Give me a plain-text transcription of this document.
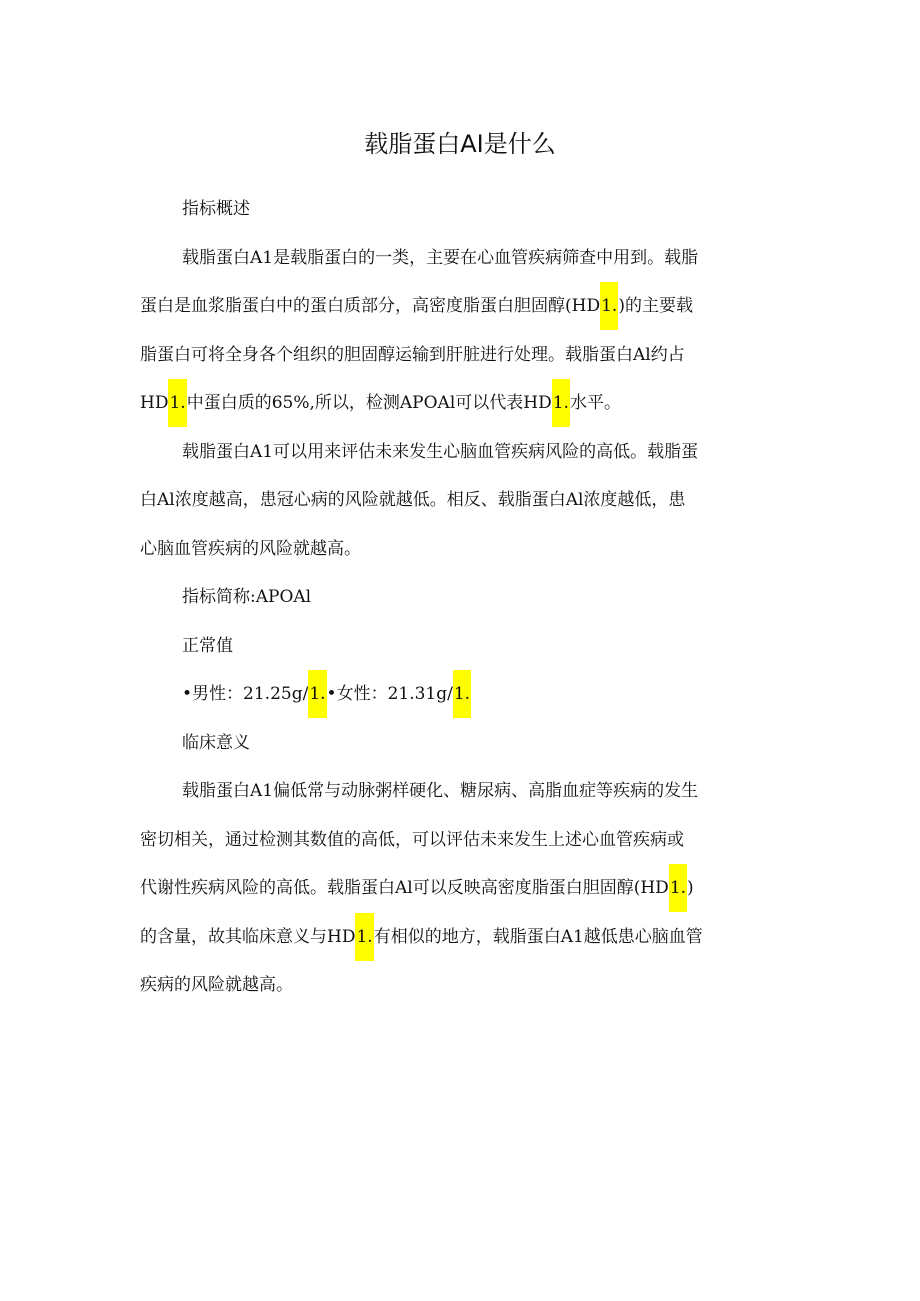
载脂蛋白AI是什么

指标概述

载脂蛋白A1是载脂蛋白的一类，主要在心血管疾病筛查中用到。载脂

蛋白是血浆脂蛋白中的蛋白质部分，高密度脂蛋白胆固醇(HD1.)的主要载

脂蛋白可将全身各个组织的胆固醇运输到肝脏进行处理。载脂蛋白Al约占

HD1.中蛋白质的65%,所以，检测APOAl可以代表HD1.水平。

载脂蛋白A1可以用来评估未来发生心脑血管疾病风险的高低。载脂蛋

白Al浓度越高，患冠心病的风险就越低。相反、载脂蛋白Al浓度越低，患

心脑血管疾病的风险就越高。

指标简称:APOAl

正常值

•男性：21.25g/1.•女性：21.31g/1.

临床意义

载脂蛋白A1偏低常与动脉粥样硬化、糖尿病、高脂血症等疾病的发生

密切相关，通过检测其数值的高低，可以评估未来发生上述心血管疾病或

代谢性疾病风险的高低。载脂蛋白Al可以反映高密度脂蛋白胆固醇(HD1.)

的含量，故其临床意义与HD1.有相似的地方，载脂蛋白A1越低患心脑血管

疾病的风险就越高。
